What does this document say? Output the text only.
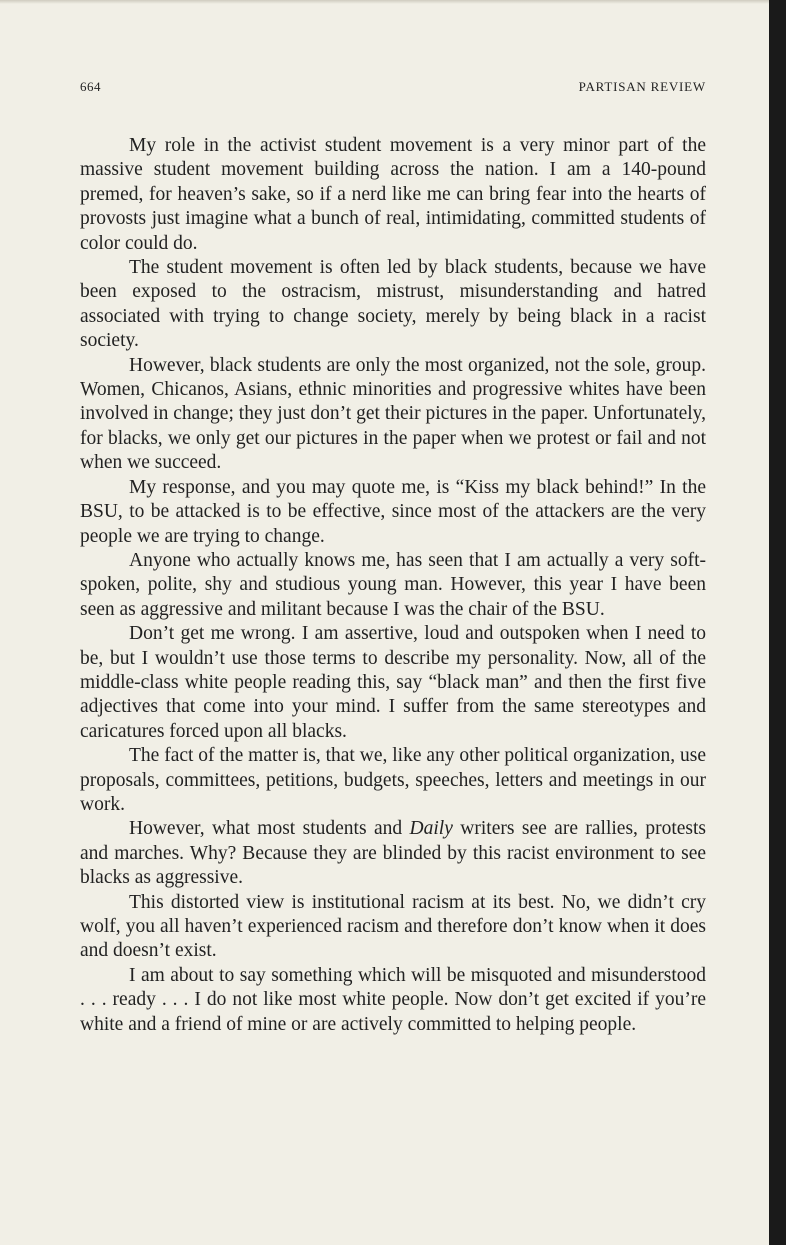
664	PARTISAN REVIEW

My role in the activist student movement is a very minor part of the massive student movement building across the nation. I am a 140-pound premed, for heaven’s sake, so if a nerd like me can bring fear into the hearts of provosts just imagine what a bunch of real, intimidating, committed students of color could do.

The student movement is often led by black students, because we have been exposed to the ostracism, mistrust, misunderstanding and hatred associated with trying to change society, merely by being black in a racist society.

However, black students are only the most organized, not the sole, group. Women, Chicanos, Asians, ethnic minorities and progressive whites have been involved in change; they just don’t get their pictures in the paper. Unfortunately, for blacks, we only get our pictures in the paper when we protest or fail and not when we succeed.

My response, and you may quote me, is “Kiss my black behind!” In the BSU, to be attacked is to be effective, since most of the attackers are the very people we are trying to change.

Anyone who actually knows me, has seen that I am actually a very soft-spoken, polite, shy and studious young man. However, this year I have been seen as aggressive and militant because I was the chair of the BSU.

Don’t get me wrong. I am assertive, loud and outspoken when I need to be, but I wouldn’t use those terms to describe my personality. Now, all of the middle-class white people reading this, say “black man” and then the first five adjectives that come into your mind. I suffer from the same stereotypes and caricatures forced upon all blacks.

The fact of the matter is, that we, like any other political organization, use proposals, committees, petitions, budgets, speeches, letters and meetings in our work.

However, what most students and Daily writers see are rallies, protests and marches. Why? Because they are blinded by this racist environment to see blacks as aggressive.

This distorted view is institutional racism at its best. No, we didn’t cry wolf, you all haven’t experienced racism and therefore don’t know when it does and doesn’t exist.

I am about to say something which will be misquoted and misunderstood . . . ready . . . I do not like most white people. Now don’t get excited if you’re white and a friend of mine or are actively committed to helping people.
